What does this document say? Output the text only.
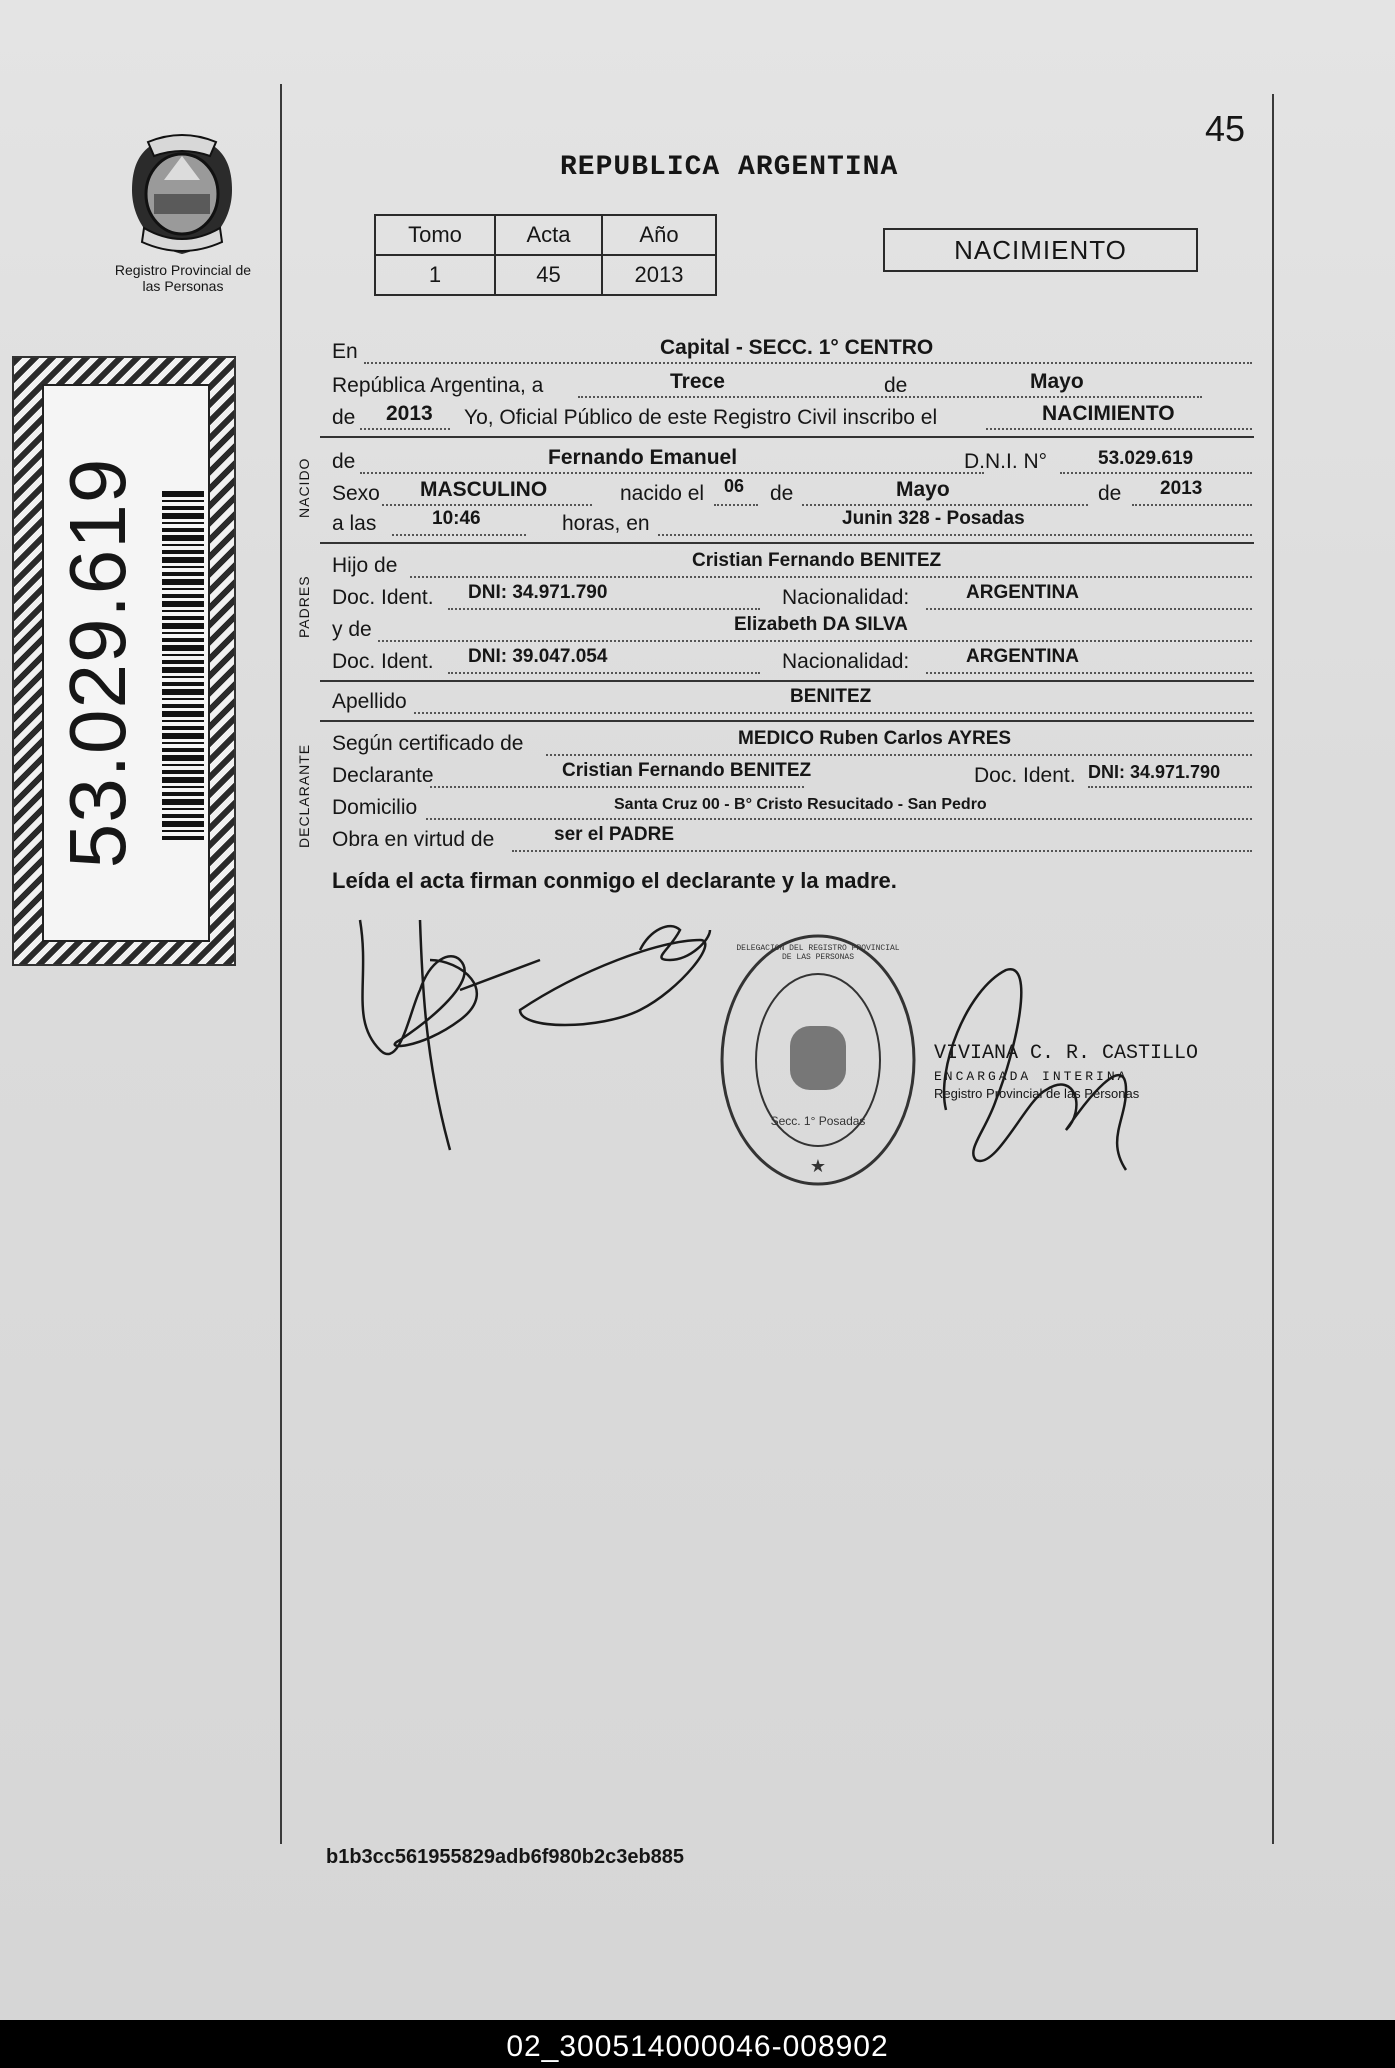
45
REPUBLICA ARGENTINA
Registro Provincial de las Personas
53.029.619
Tomo	Acta	Año
1	45	2013
NACIMIENTO
En	Capital - SECC. 1° CENTRO
República Argentina, a	Trece	de	Mayo
de 2013 Yo, Oficial Público de este Registro Civil inscribo el	NACIMIENTO
NACIDO de	Fernando Emanuel	D.N.I. N°	53.029.619
Sexo MASCULINO	nacido el 06 de	Mayo	de 2013
a las	10:46	horas, en	Junin 328 - Posadas
PADRES
Hijo de	Cristian Fernando BENITEZ
Doc. Ident. DNI: 34.971.790	Nacionalidad:	ARGENTINA
y de	Elizabeth DA SILVA
Doc. Ident. DNI: 39.047.054	Nacionalidad:	ARGENTINA
Apellido	BENITEZ
DECLARANTE
Según certificado de	MEDICO Ruben Carlos AYRES
Declarante	Cristian Fernando BENITEZ	Doc. Ident. DNI: 34.971.790
Domicilio	Santa Cruz 00 - B° Cristo Resucitado - San Pedro
Obra en virtud de	ser el PADRE
Leída el acta firman conmigo el declarante y la madre.
★
DELEGACION DEL REGISTRO PROVINCIAL DE LAS PERSONAS
Secc. 1° Posadas
VIVIANA C. R. CASTILLO
ENCARGADA INTERINA
Registro Provincial de las Personas
b1b3cc561955829adb6f980b2c3eb885
02_300514000046-008902
